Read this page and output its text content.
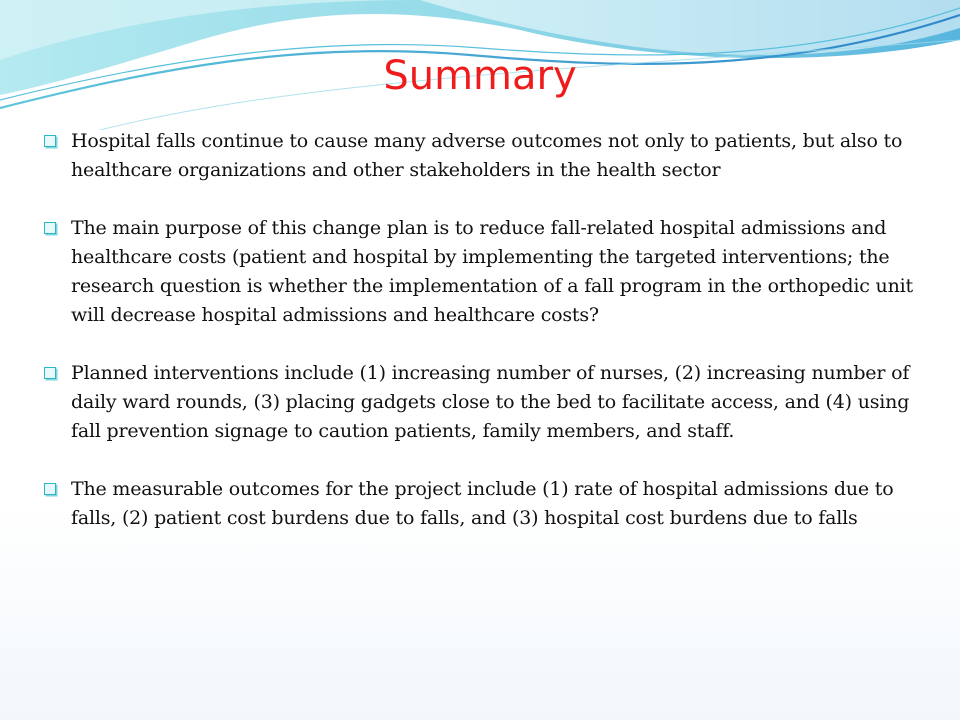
Summary
Hospital falls continue to cause many adverse outcomes not only to patients, but also to healthcare organizations and other stakeholders in the health sector
The main purpose of this change plan is to reduce fall-related hospital admissions and healthcare costs (patient and hospital by implementing the targeted interventions; the research question is whether the implementation of a fall program in the orthopedic unit will decrease hospital admissions and healthcare costs?
Planned interventions include (1) increasing number of nurses, (2) increasing number of daily ward rounds, (3) placing gadgets close to the bed to facilitate access, and (4) using fall prevention signage to caution patients, family members, and staff.
The measurable outcomes for the project include (1) rate of hospital admissions due to falls, (2) patient cost burdens due to falls, and (3) hospital cost burdens due to falls
